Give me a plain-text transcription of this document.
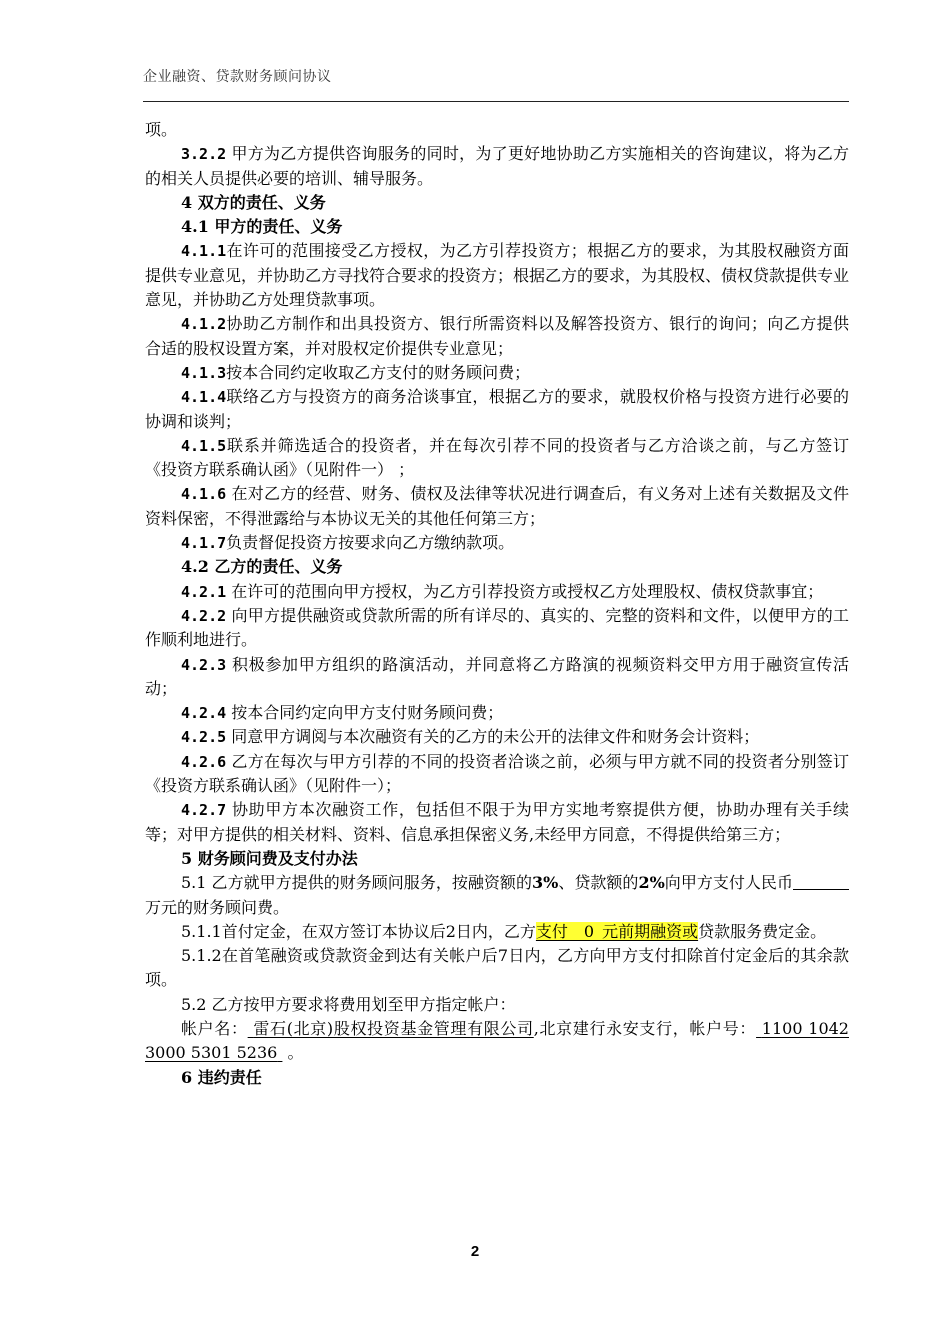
企业融资、贷款财务顾问协议

项。

3.2.2 甲方为乙方提供咨询服务的同时，为了更好地协助乙方实施相关的咨询建议，将为乙方的相关人员提供必要的培训、辅导服务。

4 双方的责任、义务

4.1 甲方的责任、义务

4.1.1在许可的范围接受乙方授权，为乙方引荐投资方；根据乙方的要求，为其股权融资方面提供专业意见，并协助乙方寻找符合要求的投资方；根据乙方的要求，为其股权、债权贷款提供专业意见，并协助乙方处理贷款事项。

4.1.2协助乙方制作和出具投资方、银行所需资料以及解答投资方、银行的询问；向乙方提供合适的股权设置方案，并对股权定价提供专业意见；

4.1.3按本合同约定收取乙方支付的财务顾问费；

4.1.4联络乙方与投资方的商务洽谈事宜，根据乙方的要求，就股权价格与投资方进行必要的协调和谈判；

4.1.5联系并筛选适合的投资者，并在每次引荐不同的投资者与乙方洽谈之前，与乙方签订《投资方联系确认函》（见附件一） ；

4.1.6 在对乙方的经营、财务、债权及法律等状况进行调查后，有义务对上述有关数据及文件资料保密，不得泄露给与本协议无关的其他任何第三方；

4.1.7负责督促投资方按要求向乙方缴纳款项。

4.2 乙方的责任、义务

4.2.1 在许可的范围向甲方授权，为乙方引荐投资方或授权乙方处理股权、债权贷款事宜；

4.2.2 向甲方提供融资或贷款所需的所有详尽的、真实的、完整的资料和文件，以便甲方的工作顺利地进行。

4.2.3 积极参加甲方组织的路演活动，并同意将乙方路演的视频资料交甲方用于融资宣传活动；

4.2.4 按本合同约定向甲方支付财务顾问费；

4.2.5 同意甲方调阅与本次融资有关的乙方的未公开的法律文件和财务会计资料；

4.2.6 乙方在每次与甲方引荐的不同的投资者洽谈之前，必须与甲方就不同的投资者分别签订《投资方联系确认函》（见附件一）；

4.2.7 协助甲方本次融资工作，包括但不限于为甲方实地考察提供方便，协助办理有关手续等；对甲方提供的相关材料、资料、信息承担保密义务,未经甲方同意，不得提供给第三方；

5 财务顾问费及支付办法

5.1 乙方就甲方提供的财务顾问服务，按融资额的3%、贷款额的2%向甲方支付人民币万元的财务顾问费。

5.1.1首付定金，在双方签订本协议后2日内，乙方支付__0_元前期融资或贷款服务费定金。

5.1.2在首笔融资或贷款资金到达有关帐户后7日内，乙方向甲方支付扣除首付定金后的其余款项。

5.2 乙方按甲方要求将费用划至甲方指定帐户：

帐户名： 雷石(北京)股权投资基金管理有限公司,北京建行永安支行，帐户号： 1100 1042 3000 5301 5236  。

6 违约责任

2
